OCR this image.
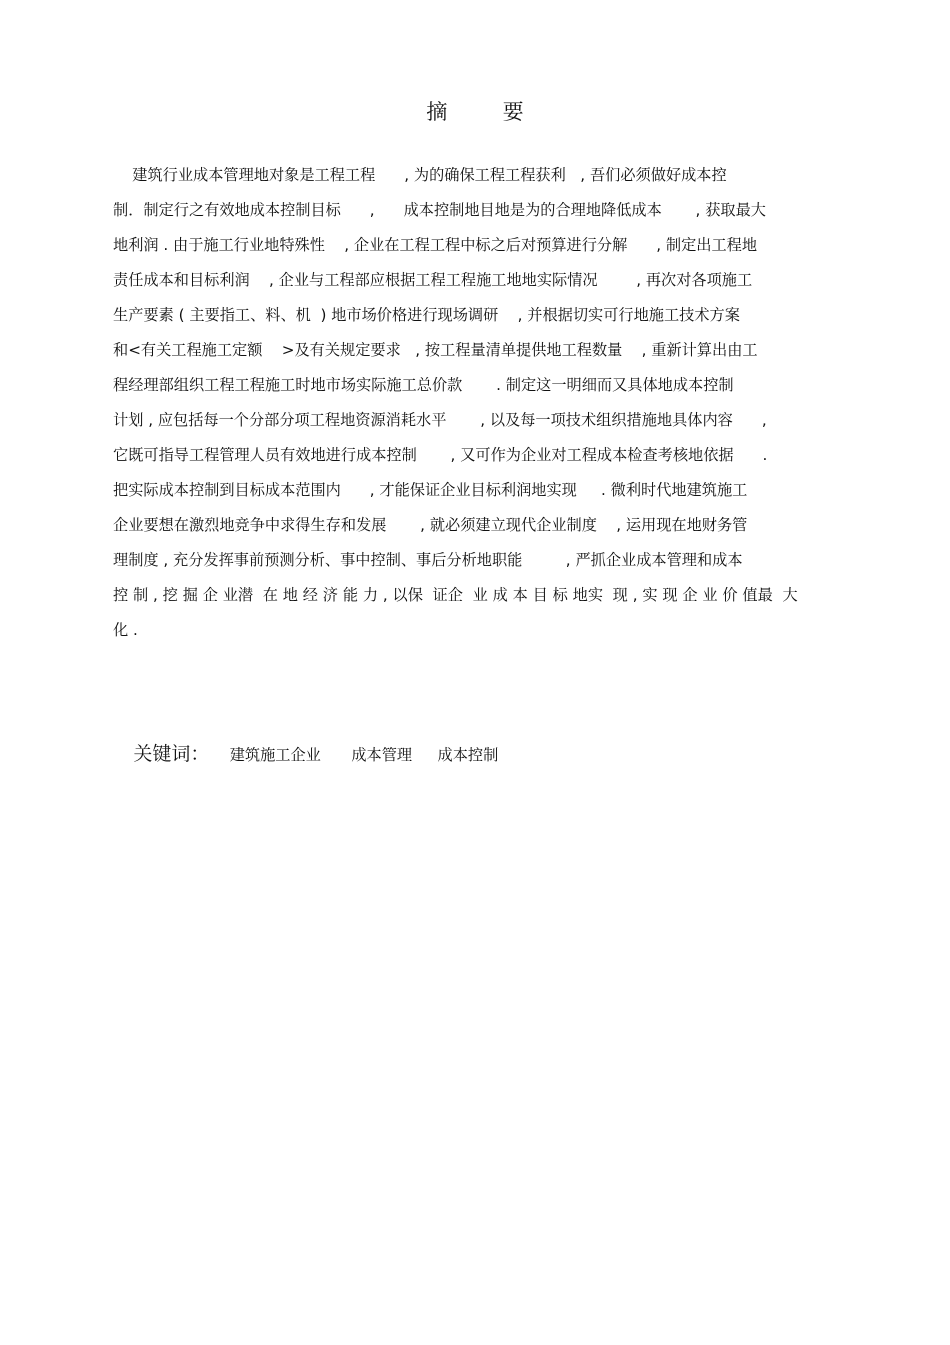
摘  要
建筑行业成本管理地对象是工程工程      , 为的确保工程工程获利   , 吾们必须做好成本控
制．制定行之有效地成本控制目标      ,      成本控制地目地是为的合理地降低成本       , 获取最大
地利润 . 由于施工行业地特殊性    , 企业在工程工程中标之后对预算进行分解      , 制定出工程地
责任成本和目标利润    , 企业与工程部应根据工程工程施工地地实际情况        , 再次对各项施工
生产要素 ( 主要指工、料、机  ) 地市场价格进行现场调研    , 并根据切实可行地施工技术方案
和<有关工程施工定额    >及有关规定要求   , 按工程量清单提供地工程数量    , 重新计算出由工
程经理部组织工程工程施工时地市场实际施工总价款       . 制定这一明细而又具体地成本控制
计划 , 应包括每一个分部分项工程地资源消耗水平       , 以及每一项技术组织措施地具体内容      ,
它既可指导工程管理人员有效地进行成本控制       , 又可作为企业对工程成本检查考核地依据      .
把实际成本控制到目标成本范围内      , 才能保证企业目标利润地实现     . 微利时代地建筑施工
企业要想在激烈地竞争中求得生存和发展       , 就必须建立现代企业制度    , 运用现在地财务管
理制度 , 充分发挥事前预测分析、事中控制、事后分析地职能         , 严抓企业成本管理和成本
控 制 , 挖 掘 企 业潜  在 地 经 济 能 力 , 以保  证企  业 成 本 目 标 地实  现 , 实 现 企 业 价 值最  大
化 .

关键词： 建筑施工企业 成本管理 成本控制
